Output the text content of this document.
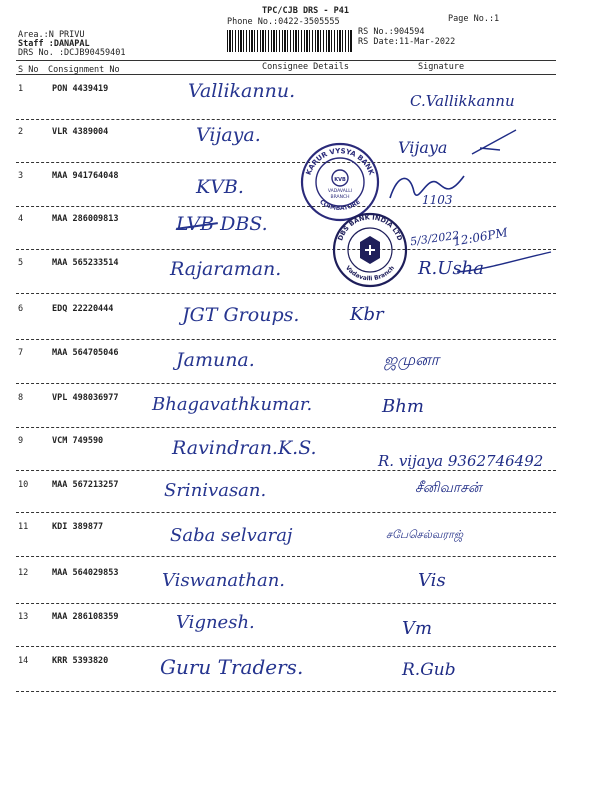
TPC/CJB DRS - P41
Phone No.:0422-3505555	Page No.:1
Area.:N PRIVU
Staff :DANAPAL
DRS No. :DCJB90459401
RS No.:904594
RS Date:11-Mar-2022
S No Consignment No	Consignee Details	Signature
1	PON 4439419	Vallikannu.	C.Vallikkannu
2	VLR 4389004	Vijaya.
Vijaya
3	MAA 941764048	KVB.
1103
4	MAA 286009813	LVB DBS.
5/3/2022
12:06PM
5	MAA 565233514	Rajaraman.	R.Usha
6	EDQ 22220444	JGT Groups.	Kbr
7	MAA 564705046	Jamuna.	ஜமுனா
8	VPL 498036977 Bhagavathkumar.	Bhm
9	VCM 749590	Ravindran.K.S.
R. vijaya 9362746492
10	MAA 567213257	Srinivasan.	சீனிவாசன்
11	KDI 389877	Saba selvaraj	சபேசெல்வராஜ்
12	MAA 564029853 Viswanathan.	Vis
13	MAA 286108359	Vignesh.	Vm
14	KRR 5393820	Guru Traders.	R.Gub
KVB
VADAVALLI
BRANCH
KARUR VYSYA BANK
COIMBATORE
DBS BANK INDIA LTD
Vadavalli Branch
